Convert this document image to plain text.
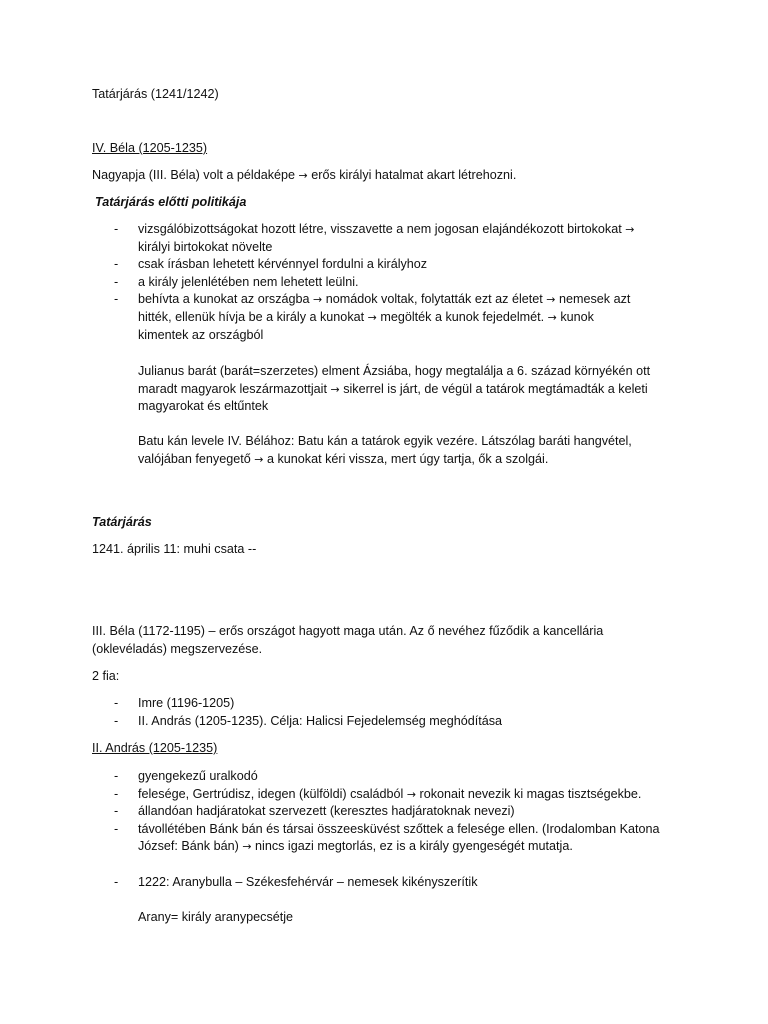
Tatárjárás (1241/1242)
IV. Béla (1205-1235)
Nagyapja (III. Béla) volt a példaképe → erős királyi hatalmat akart létrehozni.
Tatárjárás előtti politikája
- vizsgálóbizottságokat hozott létre, visszavette a nem jogosan elajándékozott birtokokat →
királyi birtokokat növelte
- csak írásban lehetett kérvénnyel fordulni a királyhoz
- a király jelenlétében nem lehetett leülni.
- behívta a kunokat az országba → nomádok voltak, folytatták ezt az életet → nemesek azt
hitték, ellenük hívja be a király a kunokat → megölték a kunok fejedelmét. → kunok
kimentek az országból
Julianus barát (barát=szerzetes) elment Ázsiába, hogy megtalálja a 6. század környékén ott
maradt magyarok leszármazottjait → sikerrel is járt, de végül a tatárok megtámadták a keleti
magyarokat és eltűntek
Batu kán levele IV. Bélához: Batu kán a tatárok egyik vezére. Látszólag baráti hangvétel,
valójában fenyegető → a kunokat kéri vissza, mert úgy tartja, ők a szolgái.
Tatárjárás
1241. április 11: muhi csata --
III. Béla (1172-1195) – erős országot hagyott maga után. Az ő nevéhez fűződik a kancellária
(oklevéladás) megszervezése.
2 fia:
- Imre (1196-1205)
- II. András (1205-1235). Célja: Halicsi Fejedelemség meghódítása
II. András (1205-1235)
- gyengekezű uralkodó
- felesége, Gertrúdisz, idegen (külföldi) családból → rokonait nevezik ki magas tisztségekbe.
- állandóan hadjáratokat szervezett (keresztes hadjáratoknak nevezi)
- távollétében Bánk bán és társai összeesküvést szőttek a felesége ellen. (Irodalomban Katona
József: Bánk bán) → nincs igazi megtorlás, ez is a király gyengeségét mutatja.
- 1222: Aranybulla – Székesfehérvár – nemesek kikényszerítik
Arany= király aranypecsétje
